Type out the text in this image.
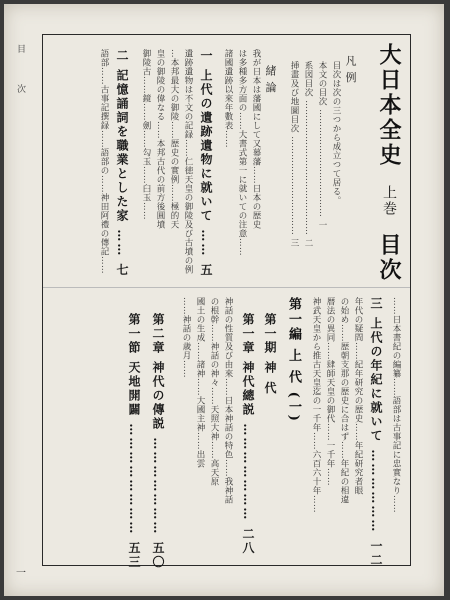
目 次
一
大日本全史 上巻 目次
凡 例
目次は次の三つから成立つて居る。
本文の目次 ……………………………… 一
系図目次 ……………………………………… 二
挿畫及び地圖目次 …………………………… 三
緒 論
我が日本は藩國にして又幕藩……日本の歴史
は多種多方面の……大書式第一に就いての注意……
諸國遺跡以來年數表……
一 上代の遺跡遺物に就いて …… 五
遺跡遺物は不文の記録……仁徳天皇の御陵及び古墳の例
…本邦最大の御陵……歴史の實例……極的天
皇の御陵の偉なる……本邦古代の前方後圓墳
御陵古……鏡……劍……勾玉……臼玉……
二 記憶誦詞を職業とした家 …… 七
語部……古事記撰録……語部の……神田阿禮の傳記……
……日本書紀の編纂……語部は古事記に忠實なり……
三 上代の年紀に就いて ……………… 一二
年代の疑問……紀年研究の歴史……年紀研究者眼
の始め……歴朝支那の歴史に合はず……年紀の相違
暦法の異同……肆師天皇の御代……一千年……
神武天皇から推古天皇迄の一千年……六百六十年……
第一編 上 代 (一)
第一期 神 代
第一章 神代總説 ………………… 二八
神話の性質及び由來……日本神話の特色……我神話
の根幹……神話の神々……天照大神……高天原
國土の生成……諸神……大國主神……出雲
……神話の歳月……
第二章 神代の傳説 ………………… 五〇
第一節 天地開闢 …………………… 五三
